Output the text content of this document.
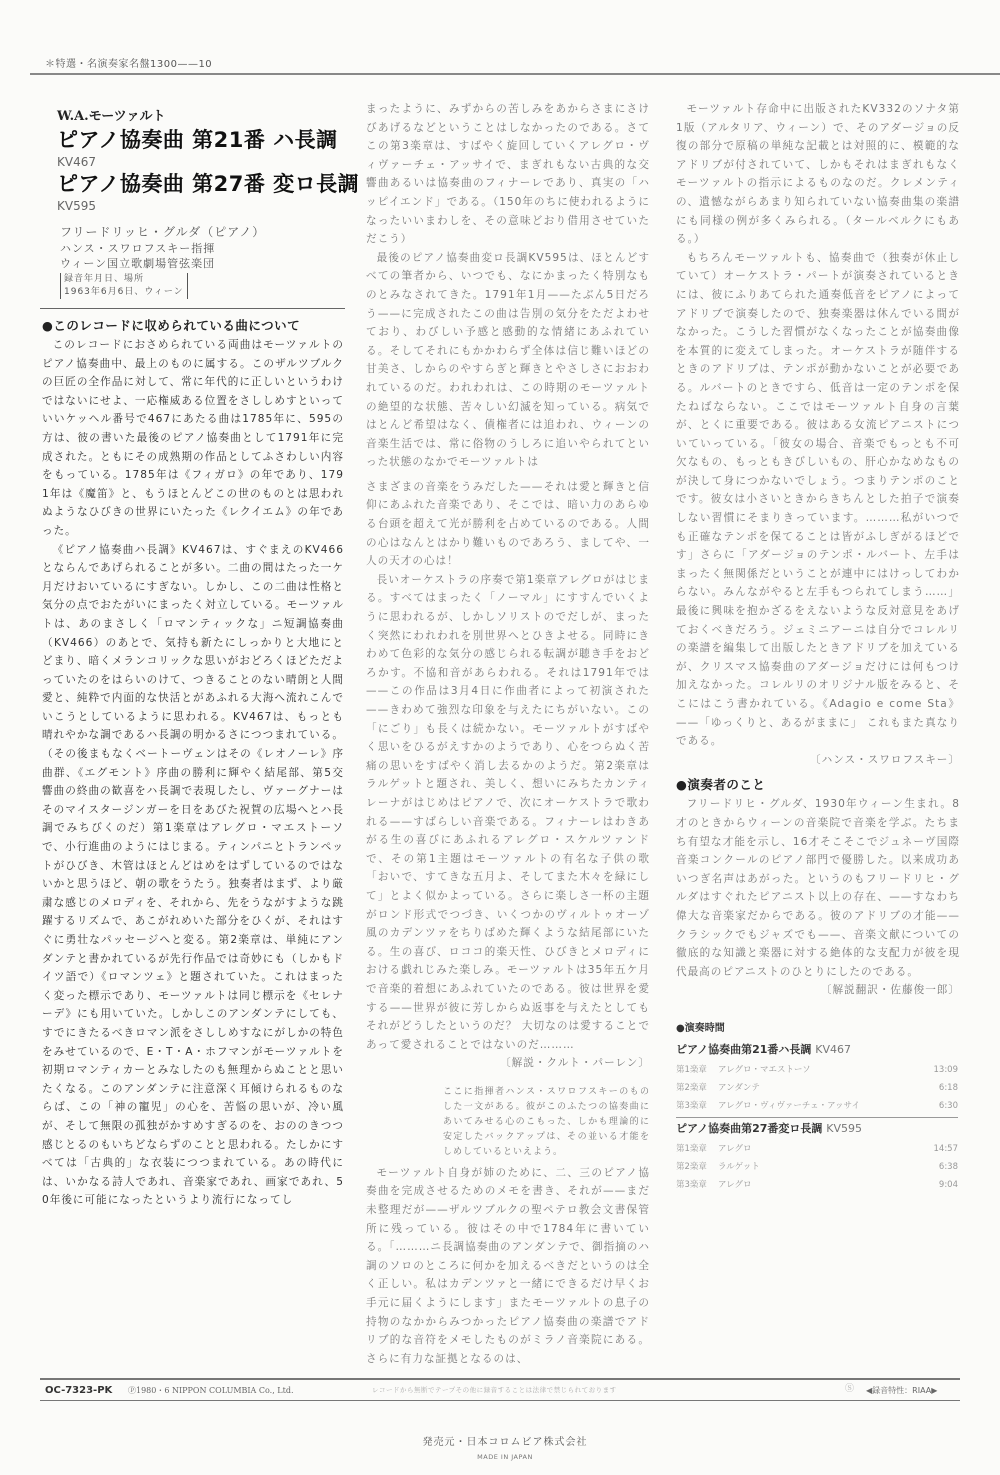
＊特選・名演奏家名盤1300——10
W.A.モーツァルト
ピアノ協奏曲 第21番 ハ長調
KV467
ピアノ協奏曲 第27番 変ロ長調
KV595
フリードリッヒ・グルダ（ピアノ）
ハンス・スワロフスキー指揮
ウィーン国立歌劇場管弦楽団
録音年月日、場所
1963年6月6日、ウィーン

●このレコードに収められている曲について

このレコードにおさめられている両曲はモーツァルトのピアノ協奏曲中、最上のものに属する。このザルツブルクの巨匠の全作品に対して、常に年代的に正しいというわけではないにせよ、一応権威ある位置をさししめすといっていいケッヘル番号で467にあたる曲は1785年に、595の方は、彼の書いた最後のピアノ協奏曲として1791年に完成された。ともにその成熟期の作品としてふさわしい内容をもっている。1785年は《フィガロ》の年であり、1791年は《魔笛》と、もうほとんどこの世のものとは思われぬようなひびきの世界にいたった《レクイエム》の年であった。

《ピアノ協奏曲ハ長調》KV467は、すぐまえのKV466とならんであげられることが多い。二曲の間はたった一ケ月だけおいているにすぎない。しかし、この二曲は性格と気分の点でおたがいにまったく対立している。モーツァルトは、あのまさしく「ロマンティックな」ニ短調協奏曲（KV466）のあとで、気持も新たにしっかりと大地にとどまり、暗くメランコリックな思いがおどろくほどただよっていたのをはらいのけて、つきることのない晴朗と人間愛と、純粋で内面的な快活とがあふれる大海へ流れこんでいこうとしているように思われる。KV467は、もっとも晴れやかな調であるハ長調の明かるさにつつまれている。（その後まもなくベートーヴェンはその《レオノーレ》序曲群、《エグモント》序曲の勝利に輝やく結尾部、第5交響曲の終曲の歓喜をハ長調で表現したし、ヴァーグナーはそのマイスタージンガーを日をあびた祝賀の広場へとハ長調でみちびくのだ）第1楽章はアレグロ・マエストーソで、小行進曲のようにはじまる。ティンパニとトランペットがひびき、木管はほとんどはめをはずしているのではないかと思うほど、朝の歌をうたう。独奏者はまず、より厳粛な感じのメロディを、それから、先をうながすような跳躍するリズムで、あこがれめいた部分をひくが、それはすぐに勇壮なパッセージへと変る。第2楽章は、単純にアンダンテと書かれているが先行作品では奇妙にも（しかもドイツ語で）《ロマンツェ》と題されていた。これはまったく変った標示であり、モーツァルトは同じ標示を《セレナーデ》にも用いていた。しかしこのアンダンテにしても、すでにきたるべきロマン派をさししめすなにがしかの特色をみせているので、E・T・A・ホフマンがモーツァルトを初期ロマンティカーとみなしたのも無理からぬことと思いたくなる。このアンダンテに注意深く耳傾けられるものならば、この「神の寵児」の心を、苦悩の思いが、冷い風が、そして無限の孤独がかすめすぎるのを、おののきつつ感じとるのもいちどならずのことと思われる。たしかにすべては「古典的」な衣装につつまれている。あの時代には、いかなる詩人であれ、音楽家であれ、画家であれ、50年後に可能になったというより流行になってし

まったように、みずからの苦しみをあからさまにさけびあげるなどということはしなかったのである。さてこの第3楽章は、すばやく旋回していくアレグロ・ヴィヴァーチェ・アッサイで、まぎれもない古典的な交響曲あるいは協奏曲のフィナーレであり、真実の「ハッピイエンド」である。（150年のちに使われるようになったいいまわしを、その意味どおり借用させていただこう）

最後のピアノ協奏曲変ロ長調KV595は、ほとんどすべての筆者から、いつでも、なにかまったく特別なものとみなされてきた。1791年1月——たぶん5日だろう——に完成されたこの曲は告別の気分をただよわせており、わびしい予感と感動的な情緒にあふれている。そしてそれにもかかわらず全体は信じ難いほどの甘美さ、しからのやすらぎと輝きとやさしさにおおわれているのだ。われわれは、この時期のモーツァルトの絶望的な状態、苦々しい幻滅を知っている。病気ではとんど希望はなく、債権者には追われ、ウィーンの音楽生活では、常に俗物のうしろに追いやられてといった状態のなかでモーツァルトは

さまざまの音楽をうみだした——それは愛と輝きと信仰にあふれた音楽であり、そこでは、暗い力のあらゆる台頭を超えて光が勝利を占めているのである。人間の心はなんとはかり難いものであろう、ましてや、一人の天才の心は！

長いオーケストラの序奏で第1楽章アレグロがはじまる。すべてはまったく「ノーマル」にすすんでいくように思われるが、しかしソリストのでだしが、まったく突然にわれわれを別世界へとひきよせる。同時にきわめて色彩的な気分の感じられる転調が聴き手をおどろかす。不協和音があらわれる。それは1791年では——この作品は3月4日に作曲者によって初演された——きわめて強烈な印象を与えたにちがいない。この「にごり」も長くは続かない。モーツァルトがすばやく思いをひるがえすかのようであり、心をつらぬく苦痛の思いをすばやく消し去るかのようだ。第2楽章はラルゲットと題され、美しく、想いにみちたカンティレーナがはじめはピアノで、次にオーケストラで歌われる——すばらしい音楽である。フィナーレはわきあがる生の喜びにあふれるアレグロ・スケルツァンドで、その第1主題はモーツァルトの有名な子供の歌「おいで、すてきな五月よ、そしてまた木々を緑にして」とよく似かよっている。さらに楽しさ一杯の主題がロンド形式でつづき、いくつかのヴィルトゥオーゾ風のカデンツァをちりばめた輝くような結尾部にいたる。生の喜び、ロココ的楽天性、ひびきとメロディにおける戯れじみた楽しみ。モーツァルトは35年五ケ月で音楽的着想にあふれていたのである。彼は世界を愛する——世界が彼に芳しからぬ返事を与えたとしてもそれがどうしたというのだ？ 大切なのは愛することであって愛されることではないのだ………

〔解説・クルト・パーレン〕

ここに指揮者ハンス・スワロフスキーのものした一文がある。彼がこのふたつの協奏曲にあいてみせる心のこもった、しかも理論的に安定したバックアップは、その並いる才能をしめしているといえよう。

モーツァルト自身が姉のために、二、三のピアノ協奏曲を完成させるためのメモを書き、それが——まだ未整理だが——ザルツブルクの聖ペテロ教会文書保管所に残っている。彼はその中で1784年に書いている。「………ニ長調協奏曲のアンダンテで、御指摘のハ調のソロのところに何かを加えるべきだというのは全く正しい。私はカデンツァと一緒にできるだけ早くお手元に届くようにします」またモーツァルトの息子の持物のなかからみつかったピアノ協奏曲の楽譜でアドリブ的な音符をメモしたものがミラノ音楽院にある。さらに有力な証拠となるのは、

モーツァルト存命中に出版されたKV332のソナタ第1版（アルタリア、ウィーン）で、そのアダージョの反復の部分で原稿の単純な記載とは対照的に、模範的なアドリブが付されていて、しかもそれはまぎれもなくモーツァルトの指示によるものなのだ。クレメンティの、遺憾ながらあまり知られていない協奏曲集の楽譜にも同様の例が多くみられる。（タールベルクにもある。）

もちろんモーツァルトも、協奏曲で（独奏が休止していて）オーケストラ・パートが演奏されているときには、彼にふりあてられた通奏低音をピアノによってアドリブで演奏したので、独奏楽器は休んでいる間がなかった。こうした習慣がなくなったことが協奏曲像を本質的に変えてしまった。オーケストラが随伴するときのアドリブは、テンポが動かないことが必要である。ルバートのときですら、低音は一定のテンポを保たねばならない。ここではモーツァルト自身の言葉が、とくに重要である。彼はある女流ピアニストについていっている。「彼女の場合、音楽でもっとも不可欠なもの、もっともきびしいもの、肝心かなめなものが決して身につかないでしょう。つまりテンポのことです。彼女は小さいときからきちんとした拍子で演奏しない習慣にそまりきっています。………私がいつでも正確なテンポを保てることは皆がふしぎがるほどです」さらに「アダージョのテンポ・ルバート、左手はまったく無関係だということが連中にはけっしてわからない。みんながやると左手もつられてしまう……」最後に興味を抱かざるをえないような反対意見をあげておくべきだろう。ジェミニアーニは自分でコレルリの楽譜を編集して出版したときアドリブを加えているが、クリスマス協奏曲のアダージョだけには何もつけ加えなかった。コレルリのオリジナル版をみると、そこにはこう書かれている。《Adagio e come Sta》——「ゆっくりと、あるがままに」 これもまた真なりである。

〔ハンス・スワロフスキー〕

●演奏者のこと

フリードリヒ・グルダ、1930年ウィーン生まれ。8才のときからウィーンの音楽院で音楽を学ぶ。たちまち有望な才能を示し、16才そこそこでジュネーヴ国際音楽コンクールのピアノ部門で優勝した。以来成功あいつぎ名声はあがった。というのもフリードリヒ・グルダはすぐれたピアニスト以上の存在、——すなわち偉大な音楽家だからである。彼のアドリブの才能——クラシックでもジャズでも——、音楽文献についての徹底的な知識と楽器に対する絶体的な支配力が彼を現代最高のピアニストのひとりにしたのである。

〔解説翻訳・佐藤俊一郎〕

●演奏時間
ピアノ協奏曲第21番ハ長調 KV467
第1楽章	アレグロ・マエストーソ	13:09
第2楽章	アンダンテ	6:18
第3楽章	アレグロ・ヴィヴァーチェ・アッサイ	6:30
ピアノ協奏曲第27番変ロ長調 KV595
第1楽章	アレグロ	14:57
第2楽章	ラルゲット	6:38
第3楽章	アレグロ	9:04
OC-7323-PK Ⓟ1980・6 NIPPON COLUMBIA Co., Ltd.	レコードから無断でテープその他に録音することは法律で禁じられております	Ⓢ ◀録音特性：RIAA▶
発売元・日本コロムビア株式会社
MADE IN JAPAN
